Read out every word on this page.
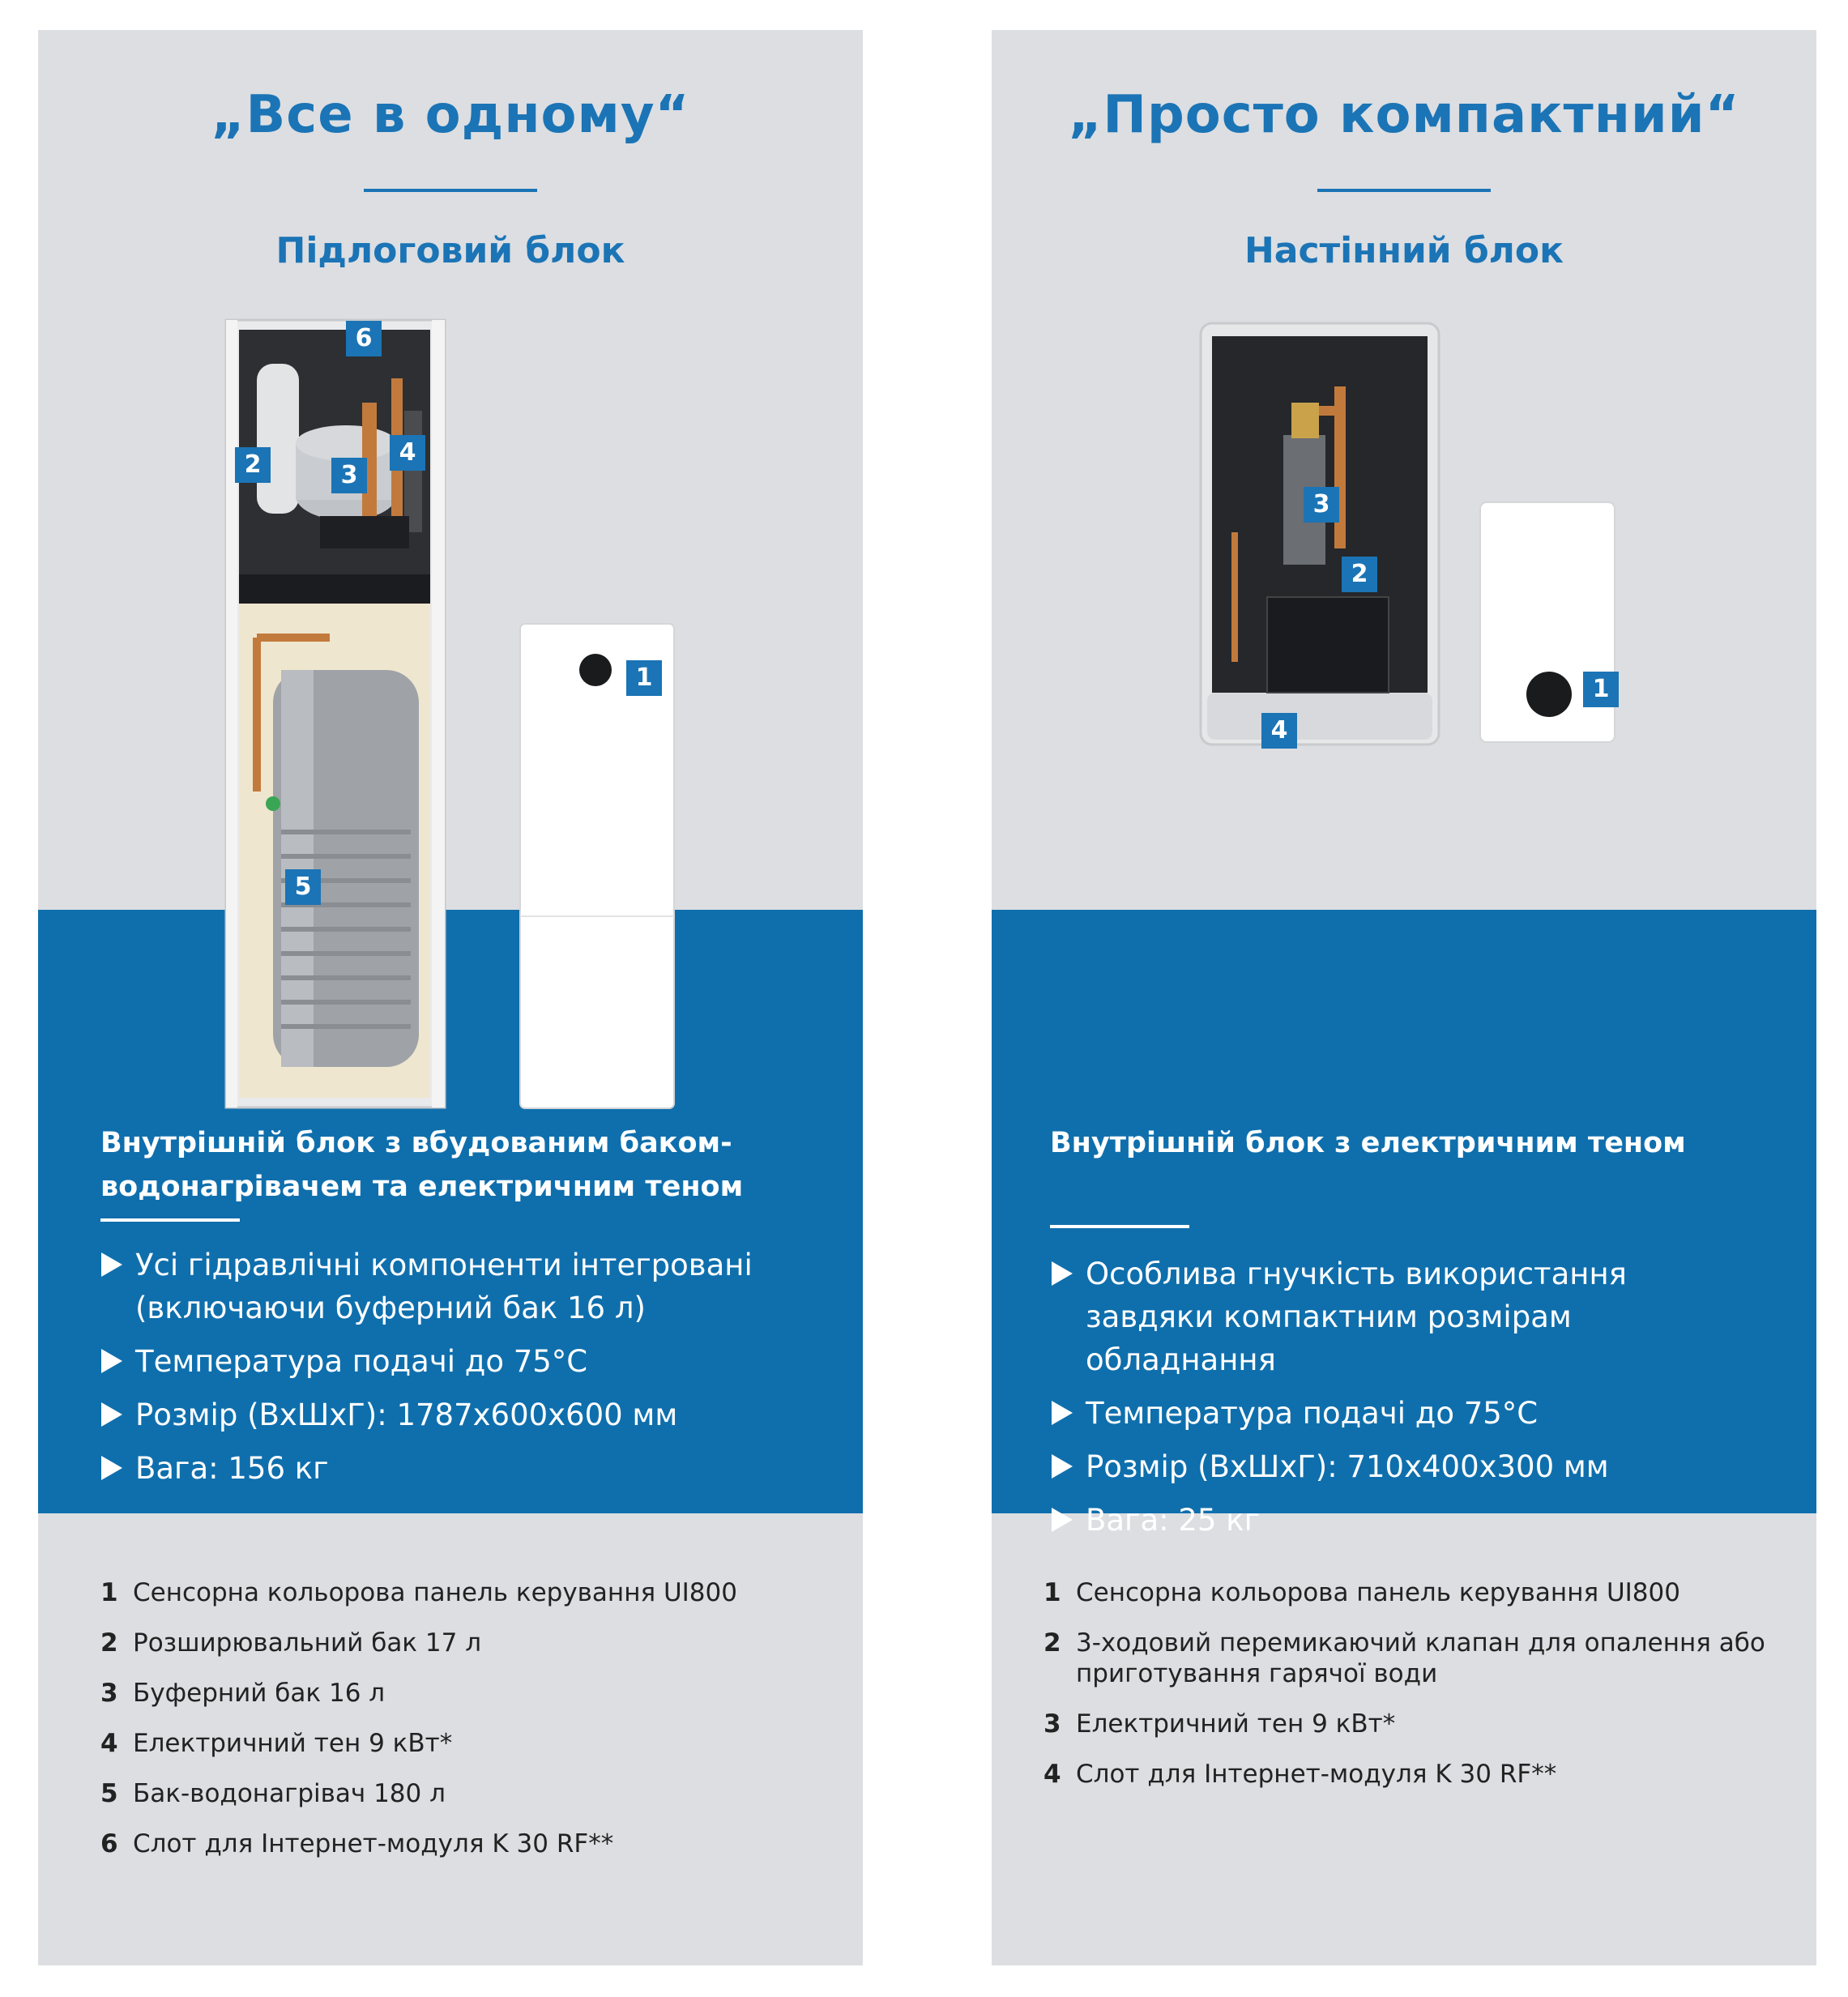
„Все в одному“
Підлоговий блок
6
2	3
4
1
5
Внутрішній блок з вбудованим баком-
водонагрівачем та електричним теном
Усі гідравлічні компоненти інтегровані (включаючи буферний бак 16 л)
Температура подачі до 75°C
Розмір (ВхШхГ): 1787x600x600 мм
Вага: 156 кг
1 Сенсорна кольорова панель керування UI800
2 Розширювальний бак 17 л
3 Буферний бак 16 л
4 Електричний тен 9 кВт*
5 Бак-водонагрівач 180 л
6 Слот для Інтернет-модуля K 30 RF**
„Просто компактний“
Настінний блок
3
2
1
4
Внутрішній блок з електричним теном
Особлива гнучкість використання завдяки компактним розмірам обладнання
Температура подачі до 75°C
Розмір (ВхШхГ): 710x400x300 мм
Вага: 25 кг
1 Сенсорна кольорова панель керування UI800
2 3-ходовий перемикаючий клапан для опалення або приготування гарячої води
3 Електричний тен 9 кВт*
4 Слот для Інтернет-модуля K 30 RF**
